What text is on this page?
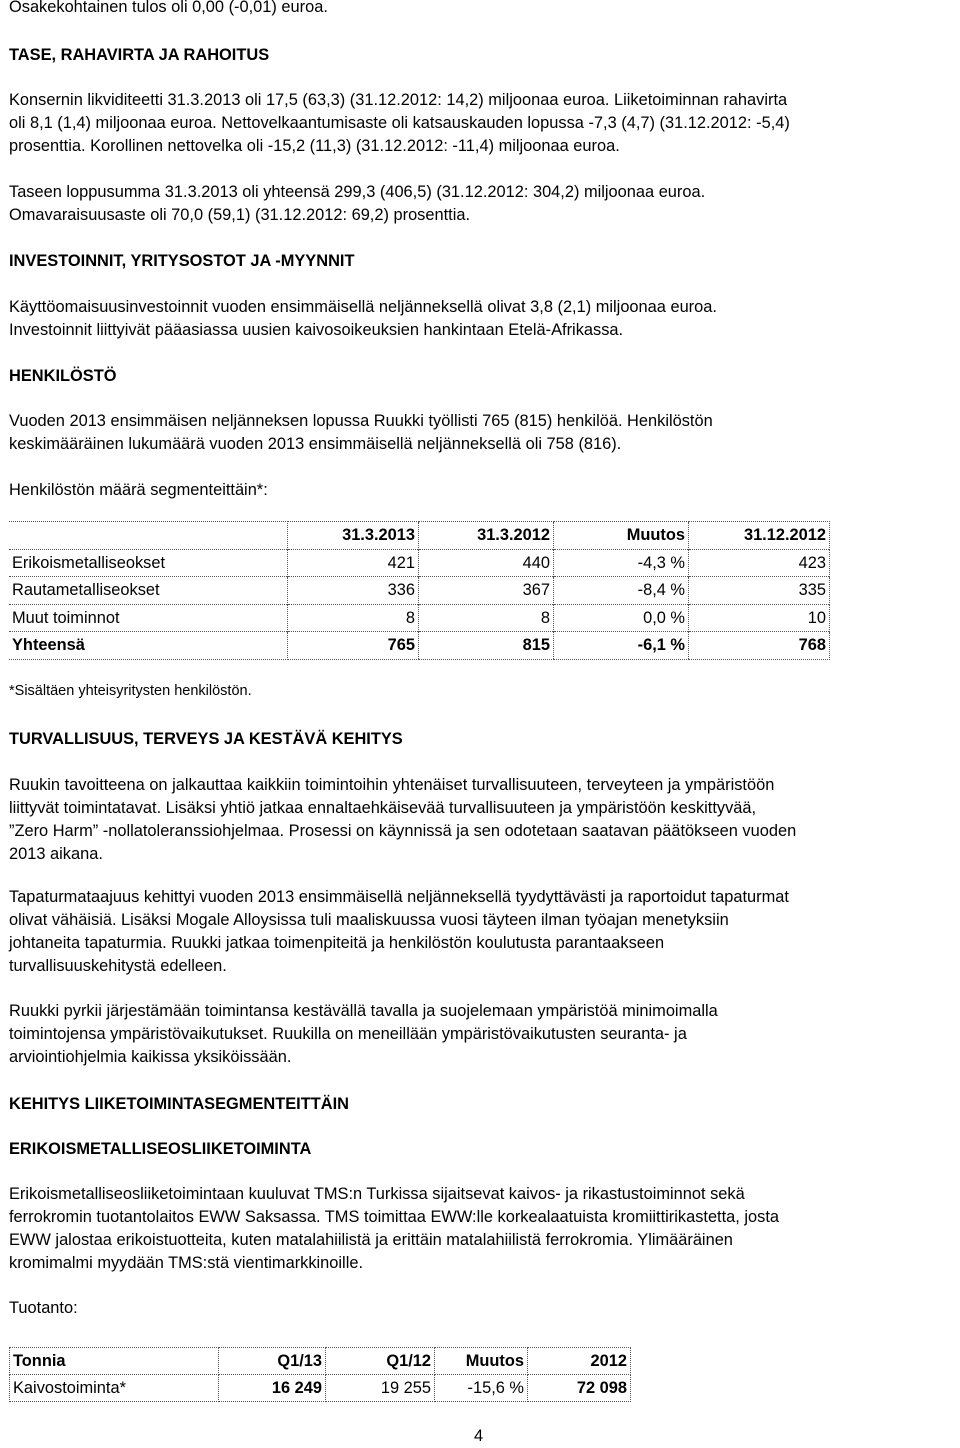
Osakekohtainen tulos oli 0,00 (-0,01) euroa.

TASE, RAHAVIRTA JA RAHOITUS

Konsernin likviditeetti 31.3.2013 oli 17,5 (63,3) (31.12.2012: 14,2) miljoonaa euroa. Liiketoiminnan rahavirta

oli 8,1 (1,4) miljoonaa euroa. Nettovelkaantumisaste oli katsauskauden lopussa -7,3 (4,7) (31.12.2012: -5,4)

prosenttia. Korollinen nettovelka oli -15,2 (11,3) (31.12.2012: -11,4) miljoonaa euroa.

Taseen loppusumma 31.3.2013 oli yhteensä 299,3 (406,5) (31.12.2012: 304,2) miljoonaa euroa.

Omavaraisuusaste oli 70,0 (59,1) (31.12.2012: 69,2) prosenttia.

INVESTOINNIT, YRITYSOSTOT JA -MYYNNIT

Käyttöomaisuusinvestoinnit vuoden ensimmäisellä neljänneksellä olivat 3,8 (2,1) miljoonaa euroa.

Investoinnit liittyivät pääasiassa uusien kaivosoikeuksien hankintaan Etelä-Afrikassa.

HENKILÖSTÖ

Vuoden 2013 ensimmäisen neljänneksen lopussa Ruukki työllisti 765 (815) henkilöä. Henkilöstön

keskimääräinen lukumäärä vuoden 2013 ensimmäisellä neljänneksellä oli 758 (816).

Henkilöstön määrä segmenteittäin*:

	31.3.2013	31.3.2012	Muutos	31.12.2012
Erikoismetalliseokset	421	440	-4,3 %	423
Rautametalliseokset	336	367	-8,4 %	335
Muut toiminnot	8	8	0,0 %	10
Yhteensä	765	815	-6,1 %	768

*Sisältäen yhteisyritysten henkilöstön.

TURVALLISUUS, TERVEYS JA KESTÄVÄ KEHITYS

Ruukin tavoitteena on jalkauttaa kaikkiin toimintoihin yhtenäiset turvallisuuteen, terveyteen ja ympäristöön

liittyvät toimintatavat. Lisäksi yhtiö jatkaa ennaltaehkäisevää turvallisuuteen ja ympäristöön keskittyvää,

”Zero Harm” -nollatoleranssiohjelmaa. Prosessi on käynnissä ja sen odotetaan saatavan päätökseen vuoden

2013 aikana.

Tapaturmataajuus kehittyi vuoden 2013 ensimmäisellä neljänneksellä tyydyttävästi ja raportoidut tapaturmat

olivat vähäisiä. Lisäksi Mogale Alloysissa tuli maaliskuussa vuosi täyteen ilman työajan menetyksiin

johtaneita tapaturmia. Ruukki jatkaa toimenpiteitä ja henkilöstön koulutusta parantaakseen

turvallisuuskehitystä edelleen.

Ruukki pyrkii järjestämään toimintansa kestävällä tavalla ja suojelemaan ympäristöä minimoimalla

toimintojensa ympäristövaikutukset. Ruukilla on meneillään ympäristövaikutusten seuranta- ja

arviointiohjelmia kaikissa yksiköissään.

KEHITYS LIIKETOIMINTASEGMENTEITTÄIN

ERIKOISMETALLISEOSLIIKETOIMINTA

Erikoismetalliseosliiketoimintaan kuuluvat TMS:n Turkissa sijaitsevat kaivos- ja rikastustoiminnot sekä

ferrokromin tuotantolaitos EWW Saksassa. TMS toimittaa EWW:lle korkealaatuista kromiittirikastetta, josta

EWW jalostaa erikoistuotteita, kuten matalahiilistä ja erittäin matalahiilistä ferrokromia. Ylimääräinen

kromimalmi myydään TMS:stä vientimarkkinoille.

Tuotanto:

Tonnia	Q1/13	Q1/12	Muutos	2012
Kaivostoiminta*	16 249	19 255	-15,6 %	72 098

4
